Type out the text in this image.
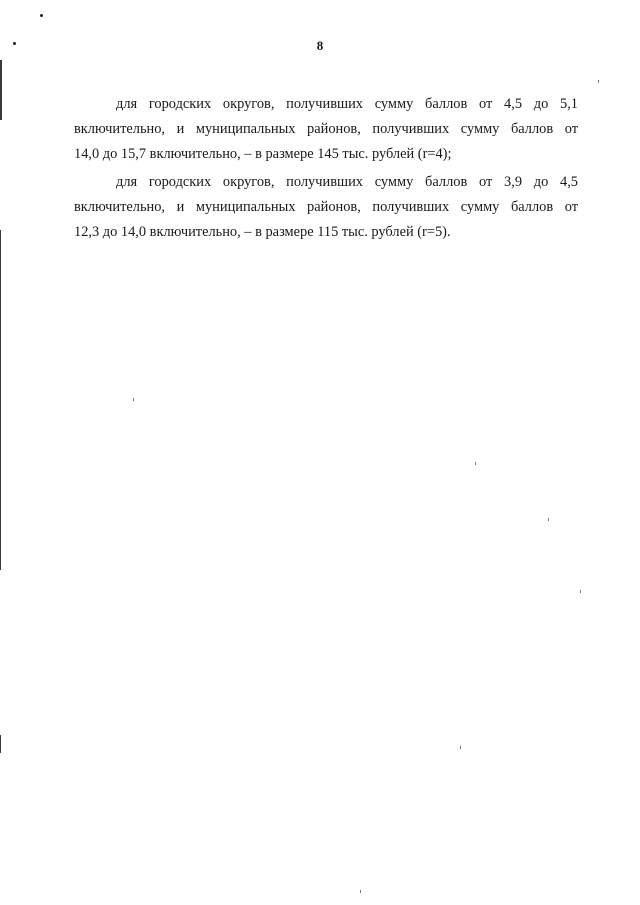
8
для городских округов, получивших сумму баллов от 4,5 до 5,1
включительно, и муниципальных районов, получивших сумму баллов от
14,0 до 15,7 включительно, – в размере 145 тыс. рублей (r=4);
для городских округов, получивших сумму баллов от 3,9 до 4,5
включительно, и муниципальных районов, получивших сумму баллов от
12,3 до 14,0 включительно, – в размере 115 тыс. рублей (r=5).
